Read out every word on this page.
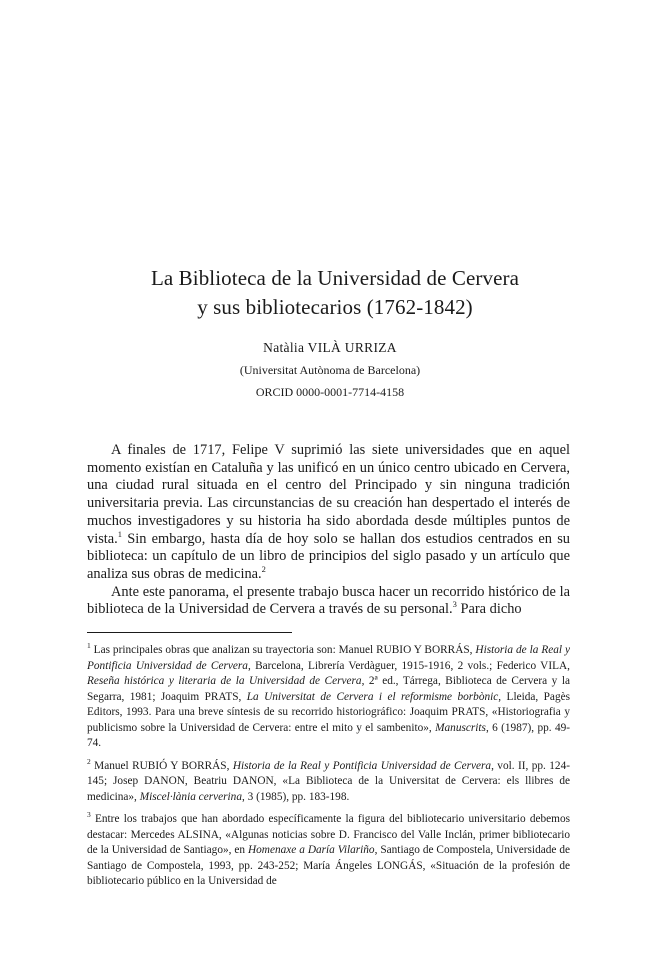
La Biblioteca de la Universidad de Cervera
y sus bibliotecarios (1762-1842)
Natàlia VILÀ URRIZA
(Universitat Autònoma de Barcelona)
ORCID 0000-0001-7714-4158

A finales de 1717, Felipe V suprimió las siete universidades que en aquel momento existían en Cataluña y las unificó en un único centro ubicado en Cervera, una ciudad rural situada en el centro del Principado y sin ninguna tradición universitaria previa. Las circunstancias de su creación han despertado el interés de muchos investigadores y su historia ha sido abordada desde múltiples puntos de vista.$^1$ Sin embargo, hasta día de hoy solo se hallan dos estudios centrados en su biblioteca: un capítulo de un libro de principios del siglo pasado y un artículo que analiza sus obras de medicina.$^2$

Ante este panorama, el presente trabajo busca hacer un recorrido histórico de la biblioteca de la Universidad de Cervera a través de su personal.$^3$ Para dicho

$^1$ Las principales obras que analizan su trayectoria son: Manuel RUBIO Y BORRÁS, Historia de la Real y Pontificia Universidad de Cervera, Barcelona, Librería Verdàguer, 1915-1916, 2 vols.; Federico VILA, Reseña histórica y literaria de la Universidad de Cervera, 2ª ed., Tárrega, Biblioteca de Cervera y la Segarra, 1981; Joaquim PRATS, La Universitat de Cervera i el reformisme borbònic, Lleida, Pagès Editors, 1993. Para una breve síntesis de su recorrido historiográfico: Joaquim PRATS, «Historiografia y publicismo sobre la Universidad de Cervera: entre el mito y el sambenito», Manuscrits, 6 (1987), pp. 49-74.

$^2$ Manuel RUBIÓ Y BORRÁS, Historia de la Real y Pontificia Universidad de Cervera, vol. II, pp. 124-145; Josep DANON, Beatriu DANON, «La Biblioteca de la Universitat de Cervera: els llibres de medicina», Miscel·lània cerverina, 3 (1985), pp. 183-198.

$^3$ Entre los trabajos que han abordado específicamente la figura del bibliotecario universitario debemos destacar: Mercedes ALSINA, «Algunas noticias sobre D. Francisco del Valle Inclán, primer bibliotecario de la Universidad de Santiago», en Homenaxe a Daría Vilariño, Santiago de Compostela, Universidade de Santiago de Compostela, 1993, pp. 243-252; María Ángeles LONGÁS, «Situación de la profesión de bibliotecario público en la Universidad de
